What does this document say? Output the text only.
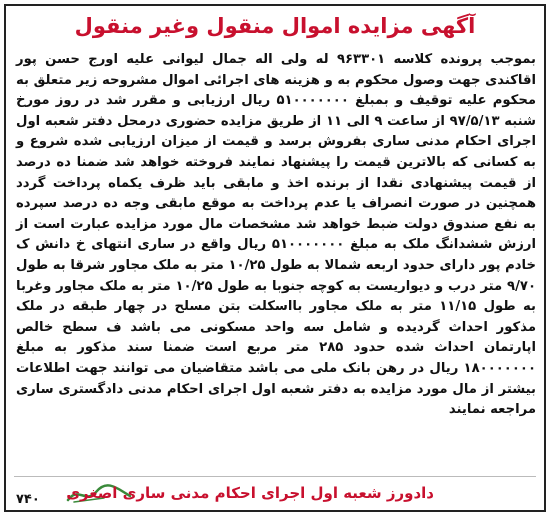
آگهی مزایده اموال منقول وغیر منقول
بموجب پرونده کلاسه ۹۶۳۳۰۱ له ولی اله جمال لیوانی علیه اورج حسن پور اقاکندی جهت وصول محکوم به و هزینه های اجرائی اموال مشروحه زیر متعلق به محکوم علیه توقیف و بمبلغ ۵۱۰۰۰۰۰۰۰ ریال ارزیابی و مقرر شد در روز مورخ شنبه ۹۷/۵/۱۳ از ساعت ۹ الی ۱۱ از طریق مزایده حضوری درمحل دفتر شعبه اول اجرای احکام مدنی ساری بفروش برسد و قیمت از میزان ارزیابی شده شروع و به کسانی که بالاترین قیمت را پیشنهاد نمایند فروخته خواهد شد ضمنا ده درصد از قیمت پیشنهادی نقدا از برنده اخذ و مابقی باید ظرف یکماه پرداخت گردد همچنین در صورت انصراف یا عدم پرداخت به موقع مابقی وجه ده درصد سپرده به نفع صندوق دولت ضبط خواهد شد مشخصات مال مورد مزایده عبارت است از ارزش ششدانگ ملک به مبلغ ۵۱۰۰۰۰۰۰۰ ریال واقع در ساری انتهای خ دانش ک خادم پور دارای حدود اربعه شمالا به طول ۱۰/۲۵ متر به ملک مجاور شرقا به طول ۹/۷۰ متر درب و دیواریست به کوچه جنوبا به طول ۱۰/۲۵ متر به ملک مجاور وغربا به طول ۱۱/۱۵ متر به ملک مجاور بااسکلت بتن مسلح در چهار طبقه در ملک مذکور احداث گردیده و شامل سه واحد مسکونی می باشد ف سطح خالص اپارتمان احداث شده حدود ۲۸۵ متر مربع است ضمنا سند مذکور به مبلغ ۱۸۰۰۰۰۰۰۰ ریال در رهن بانک ملی می باشد متقاضیان می توانند جهت اطلاعات بیشتر از مال مورد مزایده به دفتر شعبه اول اجرای احکام مدنی دادگستری ساری مراجعه نمایند
دادورز شعبه اول اجرای احکام مدنی ساری اصغری
۷۴۰
